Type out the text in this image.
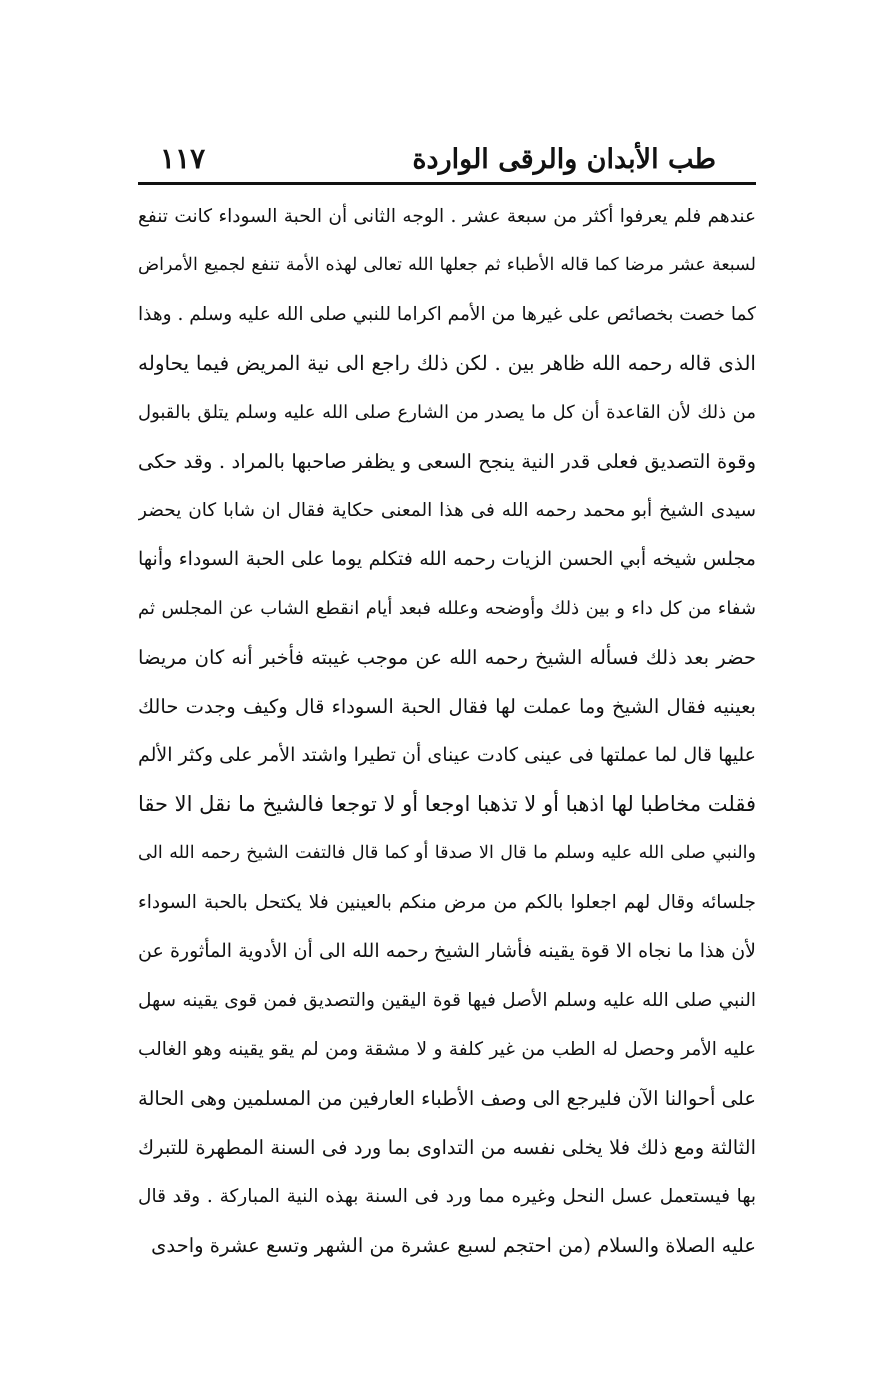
طب الأبدان والرقى الواردة
١١٧
عندهم فلم يعرفوا أكثر من سبعة عشر . الوجه الثانى أن الحبة السوداء كانت تنفع
لسبعة عشر مرضا كما قاله الأطباء ثم جعلها الله تعالى لهذه الأمة تنفع لجميع الأمراض
كما خصت بخصائص على غيرها من الأمم اكراما للنبي صلى الله عليه وسلم . وهذا
الذى قاله رحمه الله ظاهر بين . لكن ذلك راجع الى نية المريض فيما يحاوله
من ذلك لأن القاعدة أن كل ما يصدر من الشارع صلى الله عليه وسلم يتلق بالقبول
وقوة التصديق فعلى قدر النية ينجح السعى و يظفر صاحبها بالمراد . وقد حكى
سيدى الشيخ أبو محمد رحمه الله فى هذا المعنى حكاية فقال ان شابا كان يحضر
مجلس شيخه أبي الحسن الزيات رحمه الله فتكلم يوما على الحبة السوداء وأنها
شفاء من كل داء و بين ذلك وأوضحه وعلله فبعد أيام انقطع الشاب عن المجلس ثم
حضر بعد ذلك فسأله الشيخ رحمه الله عن موجب غيبته فأخبر أنه كان مريضا
بعينيه فقال الشيخ وما عملت لها فقال الحبة السوداء قال وكيف وجدت حالك
عليها قال لما عملتها فى عينى كادت عيناى أن تطيرا واشتد الأمر على وكثر الألم
فقلت مخاطبا لها اذهبا أو لا تذهبا اوجعا أو لا توجعا فالشيخ ما نقل الا حقا
والنبي صلى الله عليه وسلم ما قال الا صدقا أو كما قال فالتفت الشيخ رحمه الله الى
جلسائه وقال لهم اجعلوا بالكم من مرض منكم بالعينين فلا يكتحل بالحبة السوداء
لأن هذا ما نجاه الا قوة يقينه فأشار الشيخ رحمه الله الى أن الأدوية المأثورة عن
النبي صلى الله عليه وسلم الأصل فيها قوة اليقين والتصديق فمن قوى يقينه سهل
عليه الأمر وحصل له الطب من غير كلفة و لا مشقة ومن لم يقو يقينه وهو الغالب
على أحوالنا الآن فليرجع الى وصف الأطباء العارفين من المسلمين وهى الحالة
الثالثة ومع ذلك فلا يخلى نفسه من التداوى بما ورد فى السنة المطهرة للتبرك
بها فيستعمل عسل النحل وغيره مما ورد فى السنة بهذه النية المباركة . وقد قال
عليه الصلاة والسلام (من احتجم لسبع عشرة من الشهر وتسع عشرة واحدى
